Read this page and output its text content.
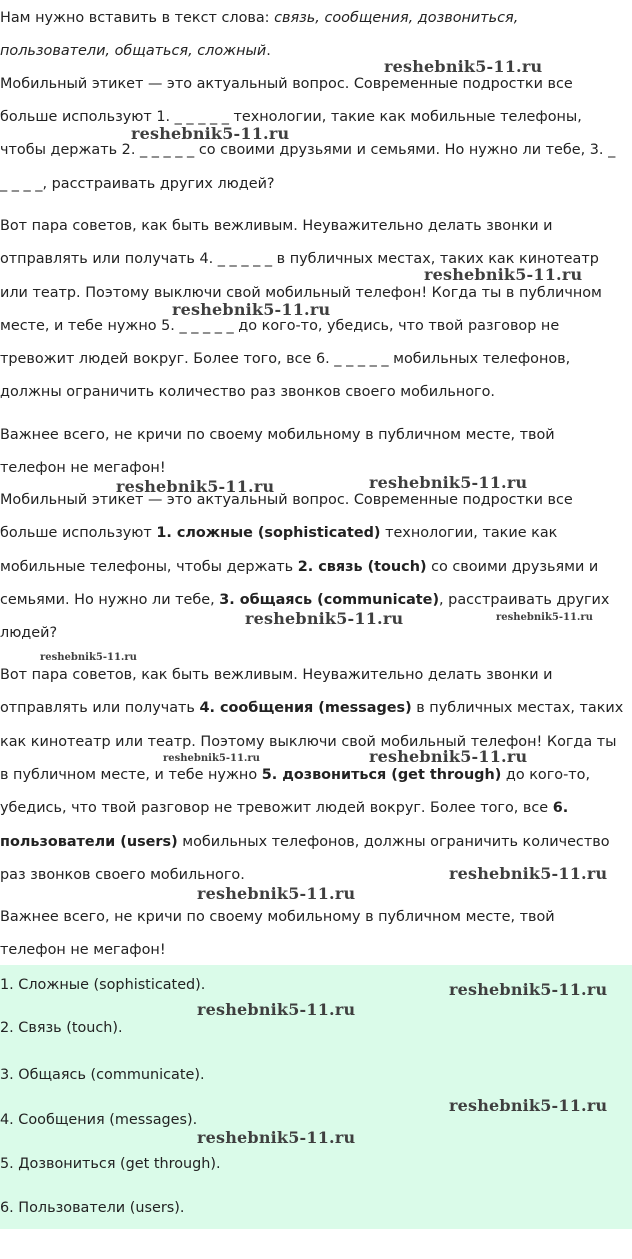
Нам нужно вставить в текст слова: связь, сообщения, дозвониться,
пользователи, общаться, сложный.
Мобильный этикет — это актуальный вопрос. Современные подростки все
больше используют 1. _ _ _ _ _ технологии, такие как мобильные телефоны,
чтобы держать 2. _ _ _ _ _ со своими друзьями и семьями. Но нужно ли тебе, 3. _
_ _ _ _, расстраивать других людей?
Вот пара советов, как быть вежливым. Неуважительно делать звонки и
отправлять или получать 4. _ _ _ _ _ в публичных местах, таких как кинотеатр
или театр. Поэтому выключи свой мобильный телефон! Когда ты в публичном
месте, и тебе нужно 5. _ _ _ _ _ до кого-то, убедись, что твой разговор не
тревожит людей вокруг. Более того, все 6. _ _ _ _ _ мобильных телефонов,
должны ограничить количество раз звонков своего мобильного.
Важнее всего, не кричи по своему мобильному в публичном месте, твой
телефон не мегафон!
Мобильный этикет — это актуальный вопрос. Современные подростки все
больше используют 1. сложные (sophisticated) технологии, такие как
мобильные телефоны, чтобы держать 2. связь (touch) со своими друзьями и
семьями. Но нужно ли тебе, 3. общаясь (communicate), расстраивать других
людей?
Вот пара советов, как быть вежливым. Неуважительно делать звонки и
отправлять или получать 4. сообщения (messages) в публичных местах, таких
как кинотеатр или театр. Поэтому выключи свой мобильный телефон! Когда ты
в публичном месте, и тебе нужно 5. дозвониться (get through) до кого-то,
убедись, что твой разговор не тревожит людей вокруг. Более того, все 6.
пользователи (users) мобильных телефонов, должны ограничить количество
раз звонков своего мобильного.
Важнее всего, не кричи по своему мобильному в публичном месте, твой
телефон не мегафон!
1. Сложные (sophisticated).
2. Связь (touch).
3. Общаясь (communicate).
4. Сообщения (messages).
5. Дозвониться (get through).
6. Пользователи (users).
reshebnik5-11.ru
reshebnik5-11.ru
reshebnik5-11.ru
reshebnik5-11.ru
reshebnik5-11.ru	reshebnik5-11.ru
reshebnik5-11.ru	reshebnik5-11.ru
reshebnik5-11.ru
reshebnik5-11.ru	reshebnik5-11.ru
reshebnik5-11.ru
reshebnik5-11.ru
reshebnik5-11.ru
reshebnik5-11.ru
reshebnik5-11.ru
reshebnik5-11.ru
